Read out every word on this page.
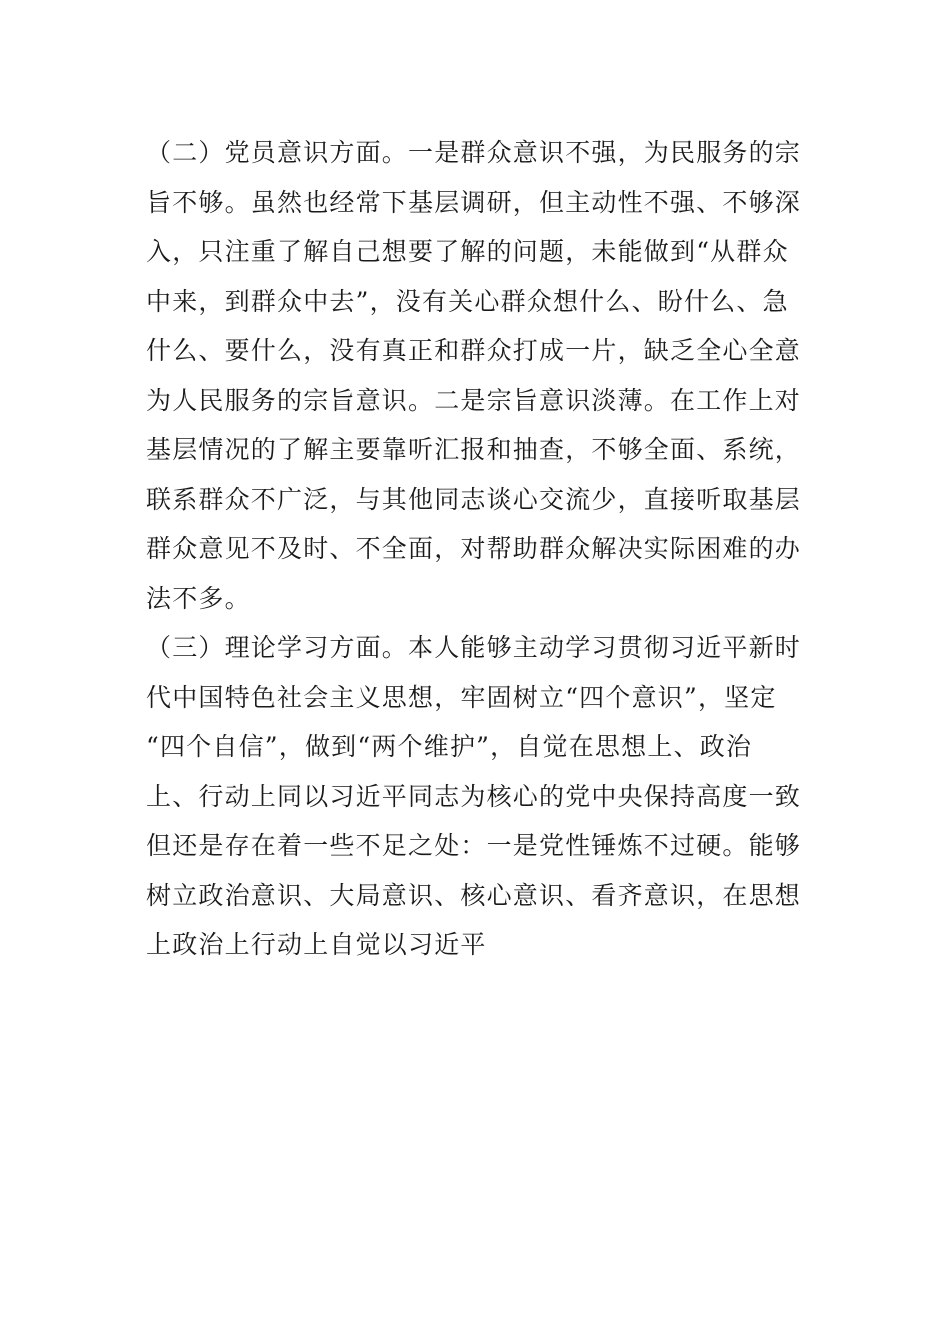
（二）党员意识方面。一是群众意识不强，为民服务的宗
旨不够。虽然也经常下基层调研，但主动性不强、不够深
入，只注重了解自己想要了解的问题，未能做到“从群众
中来，到群众中去”，没有关心群众想什么、盼什么、急
什么、要什么，没有真正和群众打成一片，缺乏全心全意
为人民服务的宗旨意识。二是宗旨意识淡薄。在工作上对
基层情况的了解主要靠听汇报和抽查，不够全面、系统，
联系群众不广泛，与其他同志谈心交流少，直接听取基层
群众意见不及时、不全面，对帮助群众解决实际困难的办
法不多。
（三）理论学习方面。本人能够主动学习贯彻习近平新时
代中国特色社会主义思想，牢固树立“四个意识”，坚定
“四个自信”，做到“两个维护”，自觉在思想上、政治
上、行动上同以习近平同志为核心的党中央保持高度一致
但还是存在着一些不足之处：一是党性锤炼不过硬。能够
树立政治意识、大局意识、核心意识、看齐意识，在思想
上政治上行动上自觉以习近平
